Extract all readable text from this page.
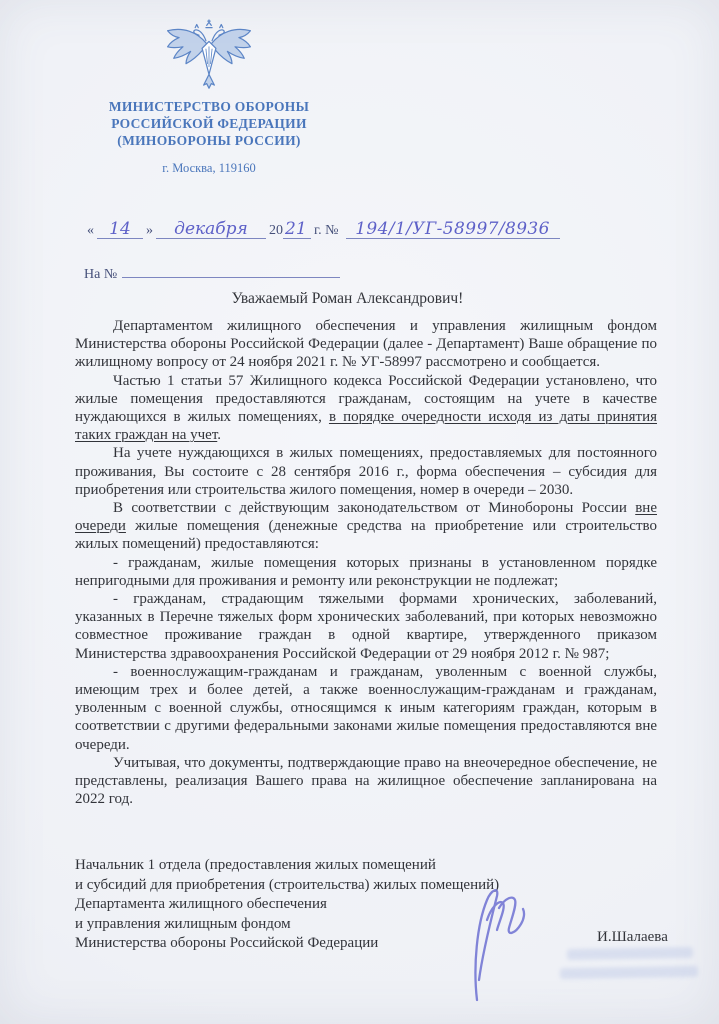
МИНИСТЕРСТВО ОБОРОНЫ
РОССИЙСКОЙ ФЕДЕРАЦИИ
(МИНОБОРОНЫ РОССИИ)
г. Москва, 119160
« 14 » декабря 20 21 г. № 194/1/УГ-58997/8936
На №
Уважаемый Роман Александрович!

Департаментом жилищного обеспечения и управления жилищным фондом Министерства обороны Российской Федерации (далее - Департамент) Ваше обращение по жилищному вопросу от 24 ноября 2021 г. № УГ-58997 рассмотрено и сообщается.

Частью 1 статьи 57 Жилищного кодекса Российской Федерации установлено, что жилые помещения предоставляются гражданам, состоящим на учете в качестве нуждающихся в жилых помещениях, в порядке очередности исходя из даты принятия таких граждан на учет.

На учете нуждающихся в жилых помещениях, предоставляемых для постоянного проживания, Вы состоите с 28 сентября 2016 г., форма обеспечения – субсидия для приобретения или строительства жилого помещения, номер в очереди – 2030.

В соответствии с действующим законодательством от Минобороны России вне очереди жилые помещения (денежные средства на приобретение или строительство жилых помещений) предоставляются:

- гражданам, жилые помещения которых признаны в установленном порядке непригодными для проживания и ремонту или реконструкции не подлежат;

- гражданам, страдающим тяжелыми формами хронических, заболеваний, указанных в Перечне тяжелых форм хронических заболеваний, при которых невозможно совместное проживание граждан в одной квартире, утвержденного приказом Министерства здравоохранения Российской Федерации от 29 ноября 2012 г. № 987;

- военнослужащим-гражданам и гражданам, уволенным с военной службы, имеющим трех и более детей, а также военнослужащим-гражданам и гражданам, уволенным с военной службы, относящимся к иным категориям граждан, которым в соответствии с другими федеральными законами жилые помещения предоставляются вне очереди.

Учитывая, что документы, подтверждающие право на внеочередное обеспечение, не представлены, реализация Вашего права на жилищное обеспечение запланирована на 2022 год.

Начальник 1 отдела (предоставления жилых помещений
и субсидий для приобретения (строительства) жилых помещений)
Департамента жилищного обеспечения
и управления жилищным фондом
Министерства обороны Российской Федерации	И.Шалаева
